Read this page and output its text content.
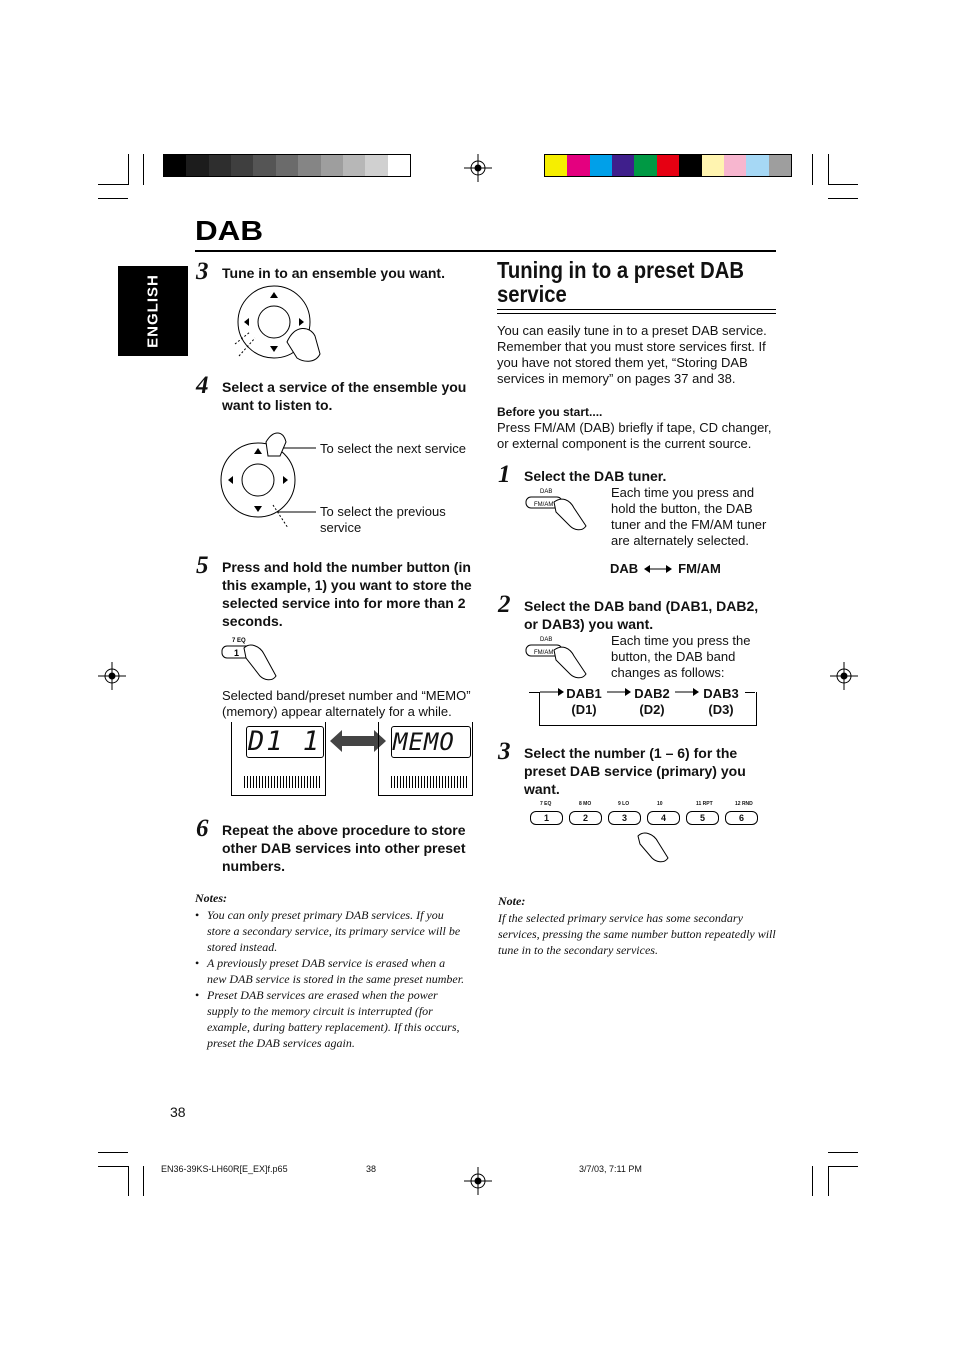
DAB
ENGLISH
3 Tune in to an ensemble you want.
4 Select a service of the ensemble you want to listen to.
To select the next service
To select the previous service
5 Press and hold the number button (in this example, 1) you want to store the selected service into for more than 2 seconds.
7 EQ
1
Selected band/preset number and “MEMO” (memory) appear alternately for a while.
D1 1	MEMO
6 Repeat the above procedure to store other DAB services into other preset numbers.
Notes:
• You can only preset primary DAB services. If you store a secondary service, its primary service will be stored instead.
• A previously preset DAB service is erased when a new DAB service is stored in the same preset number.
• Preset DAB services are erased when the power supply to the memory circuit is interrupted (for example, during battery replacement). If this occurs, preset the DAB services again.
38
Tuning in to a preset DAB service
You can easily tune in to a preset DAB service. Remember that you must store services first. If you have not stored them yet, “Storing DAB services in memory” on pages 37 and 38.
Before you start....
Press FM/AM (DAB) briefly if tape, CD changer, or external component is the current source.
1 Select the DAB tuner.
DAB
FM/AM
Each time you press and hold the button, the DAB tuner and the FM/AM tuner are alternately selected.
DAB	FM/AM
2 Select the DAB band (DAB1, DAB2, or DAB3) you want.
DAB
FM/AM
Each time you press the button, the DAB band changes as follows:
DAB1
(D1)
DAB2
(D2)
DAB3
(D3)
3 Select the number (1 – 6) for the preset DAB service (primary) you want.
7 EQ
1
8 MO
2
9 LO
3
10
4
11 RPT
5
12 RND
6
Note:
If the selected primary service has some secondary services, pressing the same number button repeatedly will tune in to the secondary services.
EN36-39KS-LH60R[E_EX]f.p65	38	3/7/03, 7:11 PM
